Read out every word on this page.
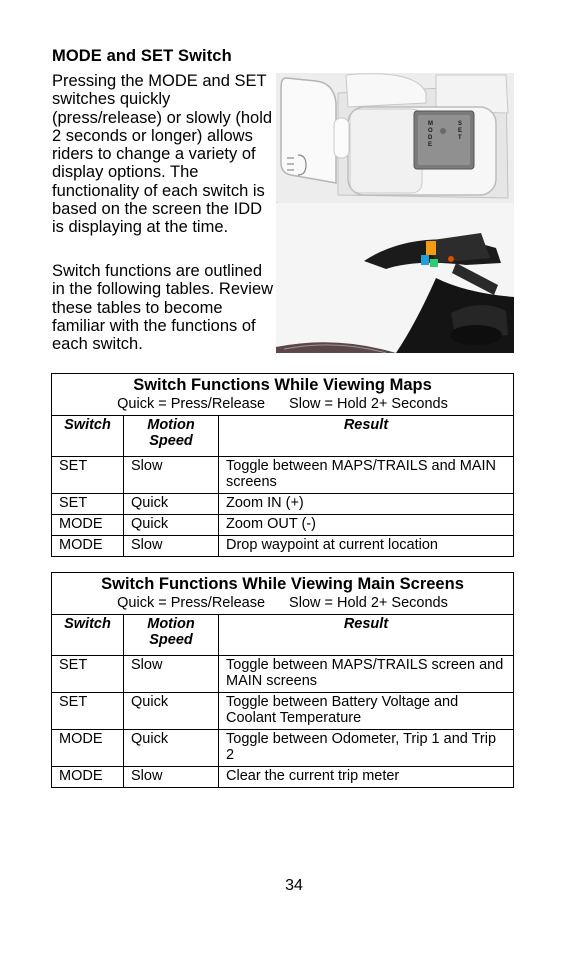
MODE and SET Switch
Pressing the MODE and SET switches quickly (press/release) or slowly (hold 2 seconds or longer) allows riders to change a variety of display options. The functionality of each switch is based on the screen the IDD is displaying at the time.
Switch functions are outlined in the following tables. Review these tables to become familiar with the functions of each switch.
M O D E
S E T
Switch Functions While Viewing Maps
Quick = Press/Release Slow = Hold 2+ Seconds		

Switch	Motion Speed	Result
SET	Slow	Toggle between MAPS/TRAILS and MAIN screens
SET	Quick	Zoom IN (+)
MODE	Quick	Zoom OUT (-)
MODE	Slow	Drop waypoint at current location
Switch Functions While Viewing Main Screens
Quick = Press/Release Slow = Hold 2+ Seconds		

Switch	Motion Speed	Result
SET	Slow	Toggle between MAPS/TRAILS screen and MAIN screens
SET	Quick	Toggle between Battery Voltage and Coolant Temperature
MODE	Quick	Toggle between Odometer, Trip 1 and Trip 2
MODE	Slow	Clear the current trip meter
34
